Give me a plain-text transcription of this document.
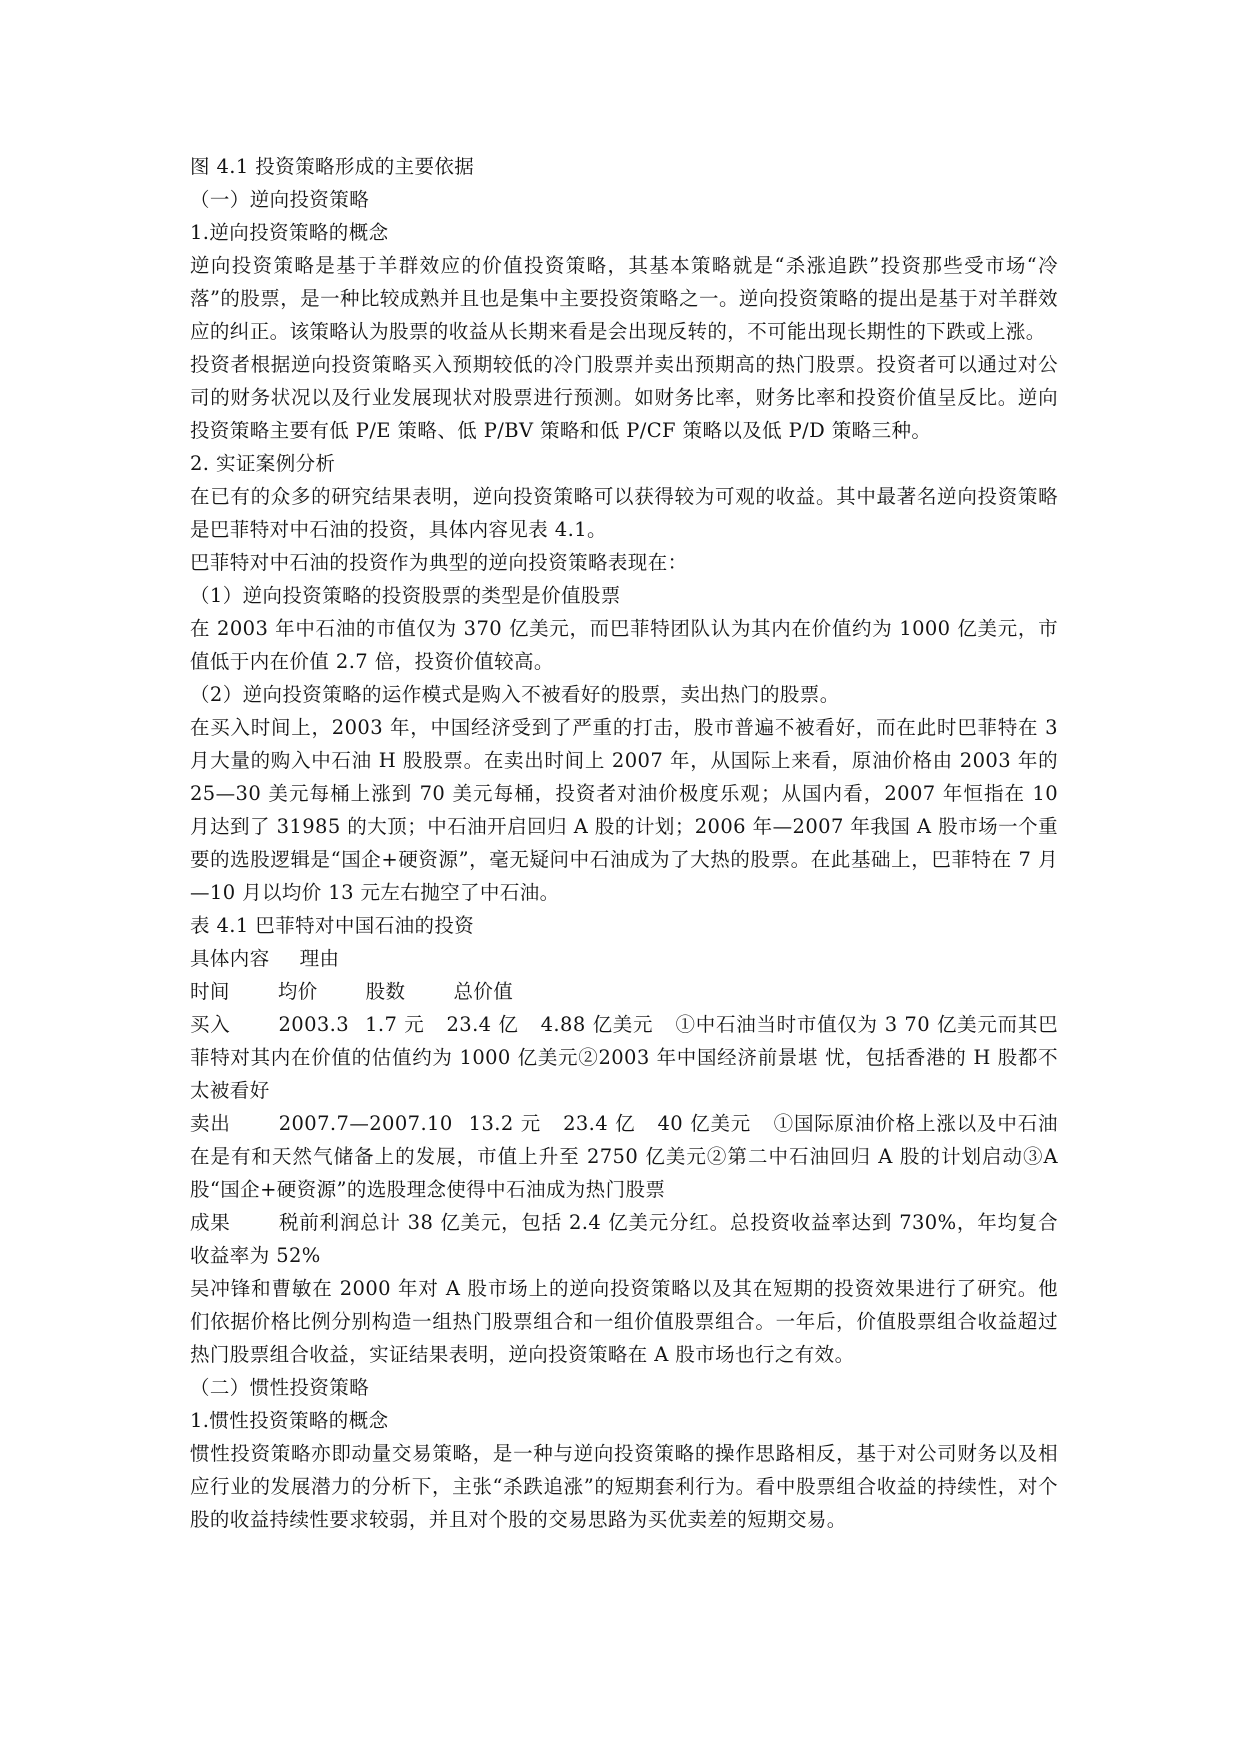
图 4.1 投资策略形成的主要依据
（一）逆向投资策略
1.逆向投资策略的概念
逆向投资策略是基于羊群效应的价值投资策略，其基本策略就是“杀涨追跌”投资那些受市场“冷落”的股票，是一种比较成熟并且也是集中主要投资策略之一。逆向投资策略的提出是基于对羊群效应的纠正。该策略认为股票的收益从长期来看是会出现反转的，不可能出现长期性的下跌或上涨。
投资者根据逆向投资策略买入预期较低的冷门股票并卖出预期高的热门股票。投资者可以通过对公司的财务状况以及行业发展现状对股票进行预测。如财务比率，财务比率和投资价值呈反比。逆向投资策略主要有低 P/E 策略、低 P/BV 策略和低 P/CF 策略以及低 P/D 策略三种。
2. 实证案例分析
在已有的众多的研究结果表明，逆向投资策略可以获得较为可观的收益。其中最著名逆向投资策略是巴菲特对中石油的投资，具体内容见表 4.1。
巴菲特对中石油的投资作为典型的逆向投资策略表现在：
（1）逆向投资策略的投资股票的类型是价值股票
在 2003 年中石油的市值仅为 370 亿美元，而巴菲特团队认为其内在价值约为 1000 亿美元，市值低于内在价值 2.7 倍，投资价值较高。
（2）逆向投资策略的运作模式是购入不被看好的股票，卖出热门的股票。
在买入时间上，2003 年，中国经济受到了严重的打击，股市普遍不被看好，而在此时巴菲特在 3 月大量的购入中石油 H 股股票。在卖出时间上 2007 年，从国际上来看，原油价格由 2003 年的 25—30 美元每桶上涨到 70 美元每桶，投资者对油价极度乐观；从国内看，2007 年恒指在 10 月达到了 31985 的大顶；中石油开启回归 A 股的计划；2006 年—2007 年我国 A 股市场一个重要的选股逻辑是“国企+硬资源”，毫无疑问中石油成为了大热的股票。在此基础上，巴菲特在 7 月—10 月以均价 13 元左右抛空了中石油。
表 4.1 巴菲特对中国石油的投资
具体内容 理由
时间 均价 股数 总价值
买入 2003.3 1.7 元 23.4 亿 4.88 亿美元 ①中石油当时市值仅为 3 70 亿美元而其巴菲特对其内在价值的估值约为 1000 亿美元②2003 年中国经济前景堪 忧，包括香港的 H 股都不太被看好
卖出 2007.7—2007.10 13.2 元 23.4 亿 40 亿美元 ①国际原油价格上涨以及中石油在是有和天然气储备上的发展，市值上升至 2750 亿美元②第二中石油回归 A 股的计划启动③A 股“国企+硬资源”的选股理念使得中石油成为热门股票
成果 税前利润总计 38 亿美元，包括 2.4 亿美元分红。总投资收益率达到 730%，年均复合收益率为 52%
吴冲锋和曹敏在 2000 年对 A 股市场上的逆向投资策略以及其在短期的投资效果进行了研究。他们依据价格比例分别构造一组热门股票组合和一组价值股票组合。一年后，价值股票组合收益超过热门股票组合收益，实证结果表明，逆向投资策略在 A 股市场也行之有效。
（二）惯性投资策略
1.惯性投资策略的概念
惯性投资策略亦即动量交易策略，是一种与逆向投资策略的操作思路相反，基于对公司财务以及相应行业的发展潜力的分析下，主张“杀跌追涨”的短期套利行为。看中股票组合收益的持续性，对个股的收益持续性要求较弱，并且对个股的交易思路为买优卖差的短期交易。
